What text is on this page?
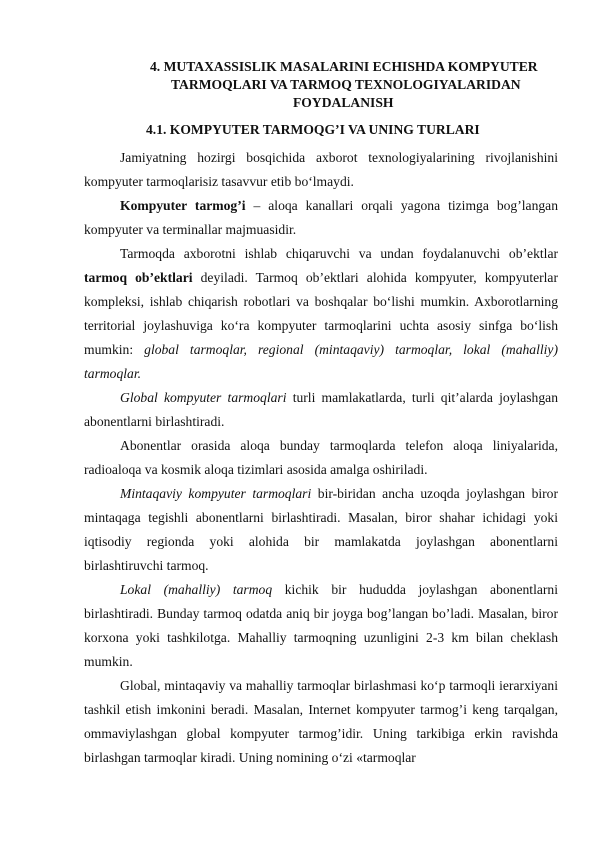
4. MUTAXASSISLIK MASALARINI ECHISHDA KOMPYUTER
TARMOQLARI VA TARMOQ TEXNOLOGIYALARIDAN
FOYDALANISH
4.1. KOMPYUTER TARMOQG’I VA UNING TURLARI

Jamiyatning hozirgi bosqichida axborot texnologiyalarining rivojlanishini kompyuter tarmoqlarisiz tasavvur etib bo‘lmaydi.

Kompyuter tarmog’i – aloqa kanallari orqali yagona tizimga bog’langan kompyuter va terminallar majmuasidir.

Tarmoqda axborotni ishlab chiqaruvchi va undan foydalanuvchi ob’ektlar tarmoq ob’ektlari deyiladi. Tarmoq ob’ektlari alohida kompyuter, kompyuterlar kompleksi, ishlab chiqarish robotlari va boshqalar bo‘lishi mumkin. Axborotlarning territorial joylashuviga ko‘ra kompyuter tarmoqlarini uchta asosiy sinfga bo‘lish mumkin: global tarmoqlar, regional (mintaqaviy) tarmoqlar, lokal (mahalliy) tarmoqlar.

Global kompyuter tarmoqlari turli mamlakatlarda, turli qit’alarda joylashgan abonentlarni birlashtiradi.

Abonentlar orasida aloqa bunday tarmoqlarda telefon aloqa liniyalarida, radioaloqa va kosmik aloqa tizimlari asosida amalga oshiriladi.

Mintaqaviy kompyuter tarmoqlari bir-biridan ancha uzoqda joylashgan biror mintaqaga tegishli abonentlarni birlashtiradi. Masalan, biror shahar ichidagi yoki iqtisodiy regionda yoki alohida bir mamlakatda joylashgan abonentlarni birlashtiruvchi tarmoq.

Lokal (mahalliy) tarmoq kichik bir hududda joylashgan abonentlarni birlashtiradi. Bunday tarmoq odatda aniq bir joyga bog’langan bo’ladi. Masalan, biror korxona yoki tashkilotga. Mahalliy tarmoqning uzunligini 2-3 km bilan cheklash mumkin.

Global, mintaqaviy va mahalliy tarmoqlar birlashmasi ko‘p tarmoqli ierarxiyani tashkil etish imkonini beradi. Masalan, Internet kompyuter tarmog’i keng tarqalgan, ommaviylashgan global kompyuter tarmog’idir. Uning tarkibiga erkin ravishda birlashgan tarmoqlar kiradi. Uning nomining o‘zi «tarmoqlar
